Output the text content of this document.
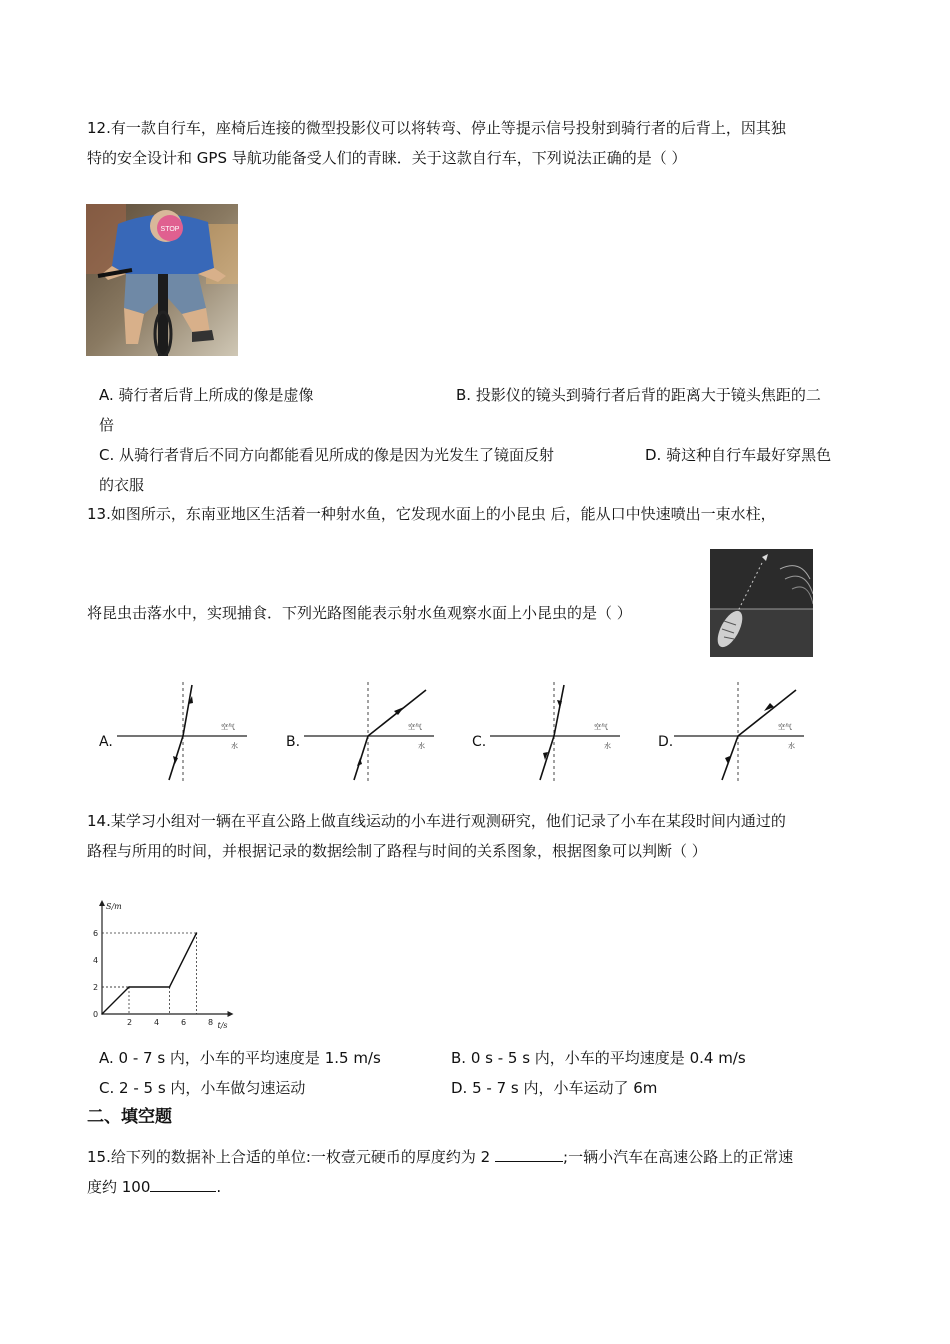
12.有一款自行车，座椅后连接的微型投影仪可以将转弯、停止等提示信号投射到骑行者的后背上，因其独
特的安全设计和 GPS 导航功能备受人们的青睐．关于这款自行车，下列说法正确的是（ ）
STOP
A. 骑行者后背上所成的像是虚像	B. 投影仪的镜头到骑行者后背的距离大于镜头焦距的二
倍
C. 从骑行者背后不同方向都能看见所成的像是因为光发生了镜面反射	D. 骑这种自行车最好穿黑色
的衣服
13.如图所示，东南亚地区生活着一种射水鱼，它发现水面上的小昆虫 后，能从口中快速喷出一束水柱，
将昆虫击落水中，实现捕食．下列光路图能表示射水鱼观察水面上小昆虫的是（ ）
A.
空气
水	B.
空气
水	C.
空气
水	D.
空气
水
14.某学习小组对一辆在平直公路上做直线运动的小车进行观测研究，他们记录了小车在某段时间内通过的
路程与所用的时间，并根据记录的数据绘制了路程与时间的关系图象，根据图象可以判断（ ）
S/m
t/s
2	4	6	8
0
2
4
6
A. 0 - 7 s 内，小车的平均速度是 1.5 m/s	B. 0 s - 5 s 内，小车的平均速度是 0.4 m/s
C. 2 - 5 s 内，小车做匀速运动	D. 5 - 7 s 内，小车运动了 6m
二、填空题
15.给下列的数据补上合适的单位:一枚壹元硬币的厚度约为 2	;一辆小汽车在高速公路上的正常速
度约 100	.
